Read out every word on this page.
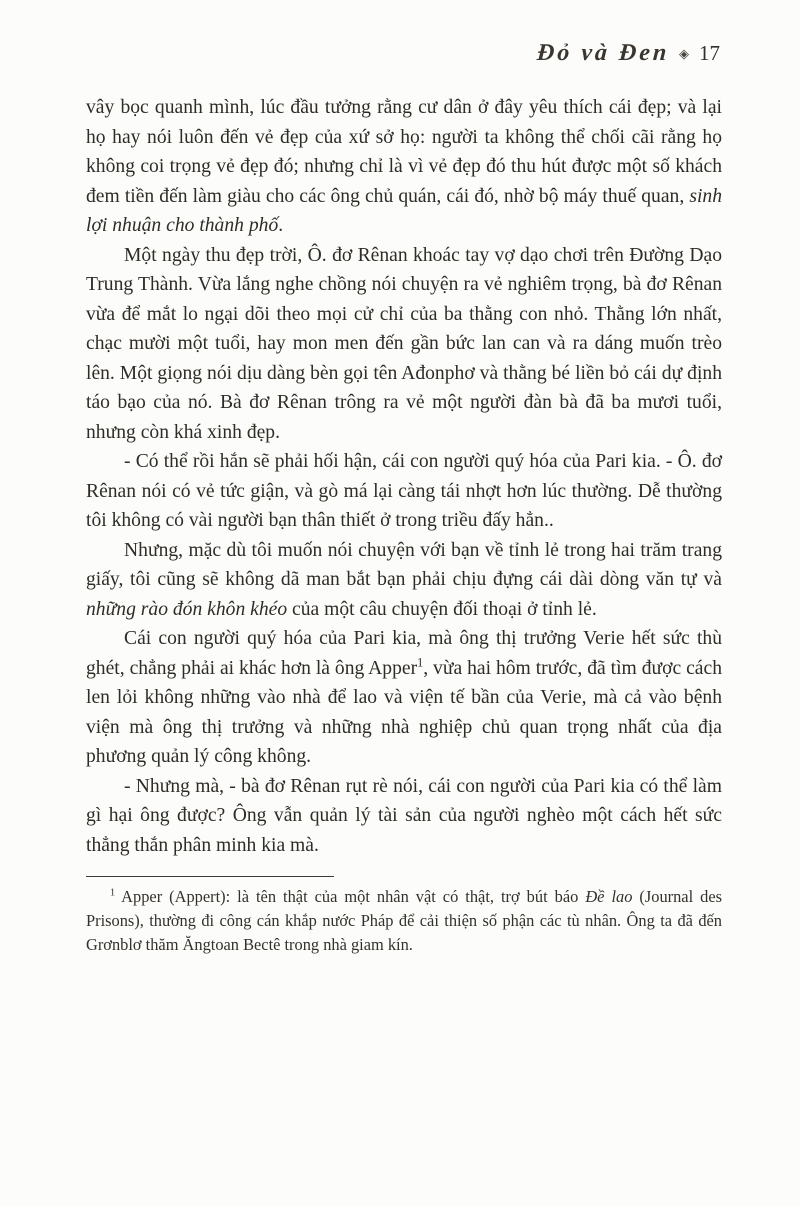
Đỏ và Đen ◈ 17

vây bọc quanh mình, lúc đầu tưởng rằng cư dân ở đây yêu thích cái đẹp; và lại họ hay nói luôn đến vẻ đẹp của xứ sở họ: người ta không thể chối cãi rằng họ không coi trọng vẻ đẹp đó; nhưng chỉ là vì vẻ đẹp đó thu hút được một số khách đem tiền đến làm giàu cho các ông chủ quán, cái đó, nhờ bộ máy thuế quan, sinh lợi nhuận cho thành phố.

Một ngày thu đẹp trời, Ô. đơ Rênan khoác tay vợ dạo chơi trên Đường Dạo Trung Thành. Vừa lắng nghe chồng nói chuyện ra vẻ nghiêm trọng, bà đơ Rênan vừa để mắt lo ngại dõi theo mọi cử chỉ của ba thằng con nhỏ. Thằng lớn nhất, chạc mười một tuổi, hay mon men đến gần bức lan can và ra dáng muốn trèo lên. Một giọng nói dịu dàng bèn gọi tên Ađonphơ và thằng bé liền bỏ cái dự định táo bạo của nó. Bà đơ Rênan trông ra vẻ một người đàn bà đã ba mươi tuổi, nhưng còn khá xinh đẹp.

- Có thể rồi hắn sẽ phải hối hận, cái con người quý hóa của Pari kia. - Ô. đơ Rênan nói có vẻ tức giận, và gò má lại càng tái nhợt hơn lúc thường. Dễ thường tôi không có vài người bạn thân thiết ở trong triều đấy hẳn..

Nhưng, mặc dù tôi muốn nói chuyện với bạn về tỉnh lẻ trong hai trăm trang giấy, tôi cũng sẽ không dã man bắt bạn phải chịu đựng cái dài dòng văn tự và những rào đón khôn khéo của một câu chuyện đối thoại ở tỉnh lẻ.

Cái con người quý hóa của Pari kia, mà ông thị trưởng Verie hết sức thù ghét, chẳng phải ai khác hơn là ông Apper$^1$, vừa hai hôm trước, đã tìm được cách len lỏi không những vào nhà để lao và viện tế bần của Verie, mà cả vào bệnh viện mà ông thị trưởng và những nhà nghiệp chủ quan trọng nhất của địa phương quản lý công không.

- Nhưng mà, - bà đơ Rênan rụt rè nói, cái con người của Pari kia có thể làm gì hại ông được? Ông vẫn quản lý tài sản của người nghèo một cách hết sức thẳng thắn phân minh kia mà.

$^1$ Apper (Appert): là tên thật của một nhân vật có thật, trợ bút báo Đề lao (Journal des Prisons), thường đi công cán khắp nước Pháp để cải thiện số phận các tù nhân. Ông ta đã đến Grơnblơ thăm Ăngtoan Bectê trong nhà giam kín.
